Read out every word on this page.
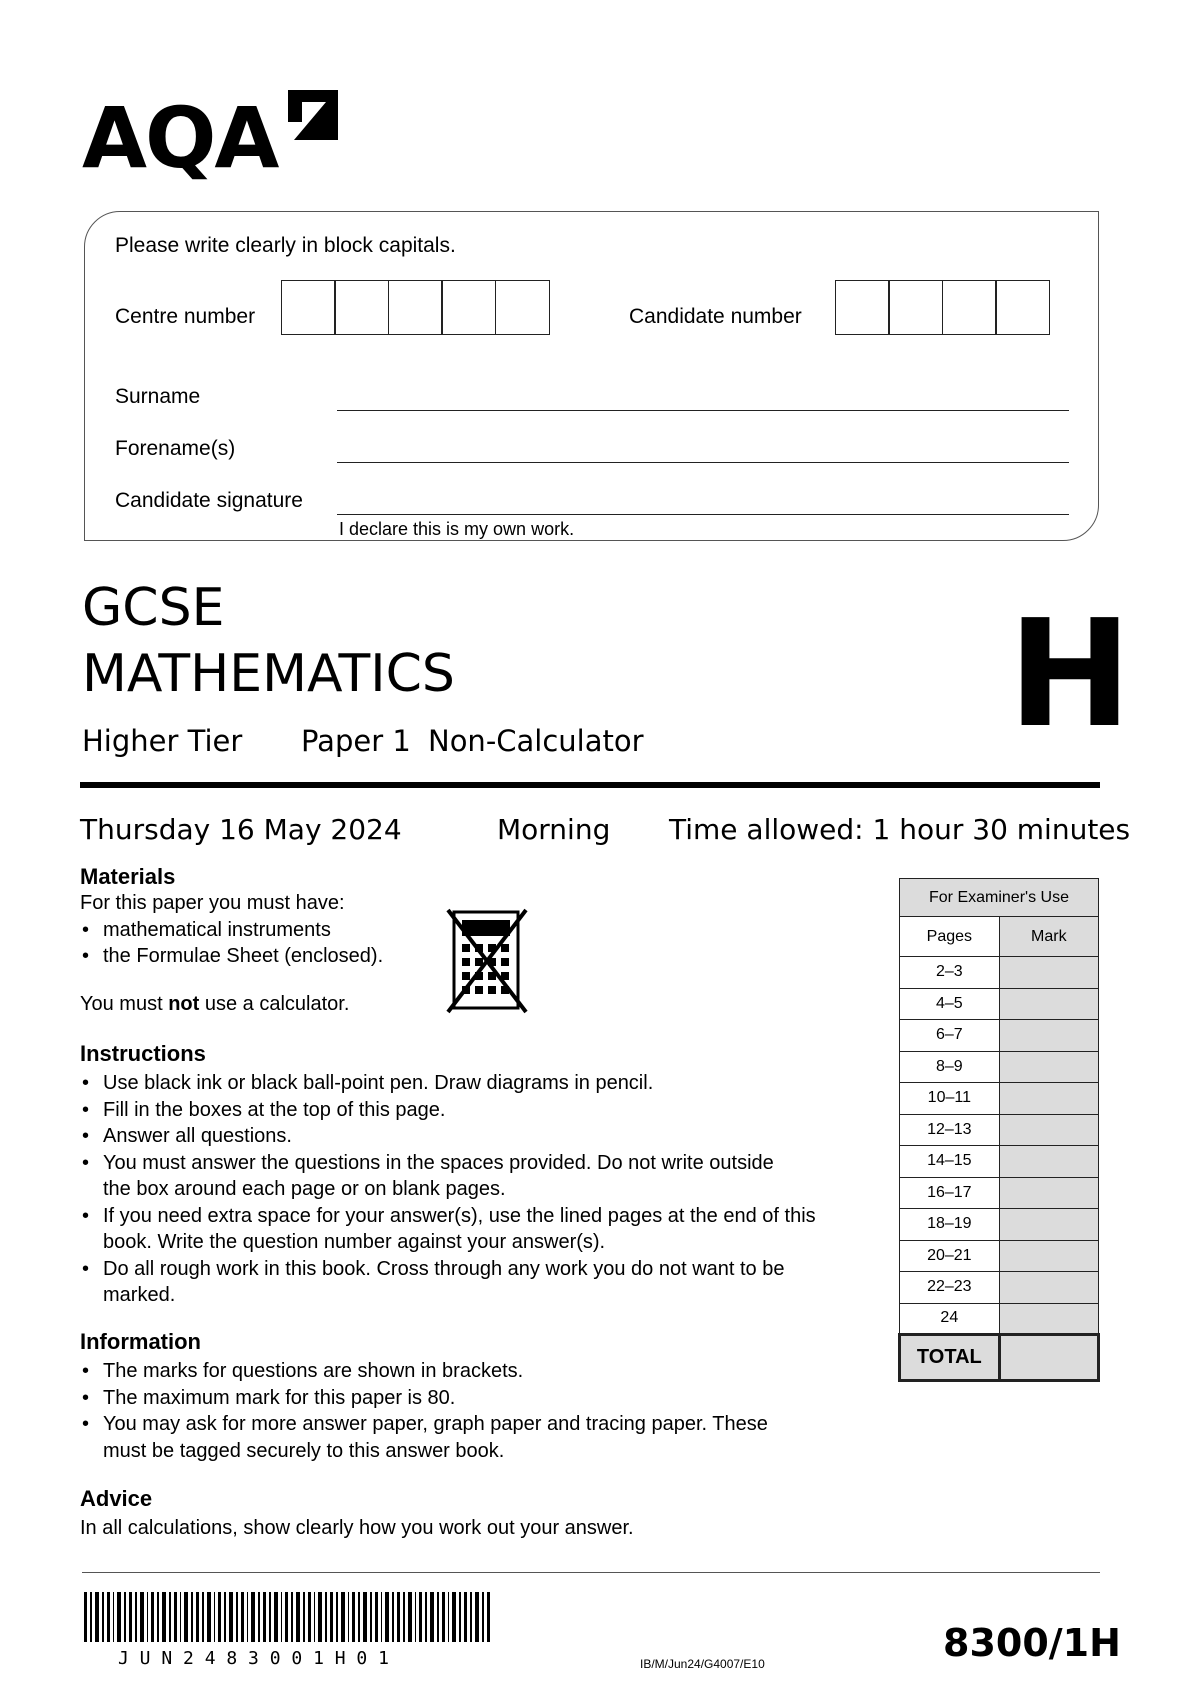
AQA
Please write clearly in block capitals.
Centre number	Candidate number
Surname
Forename(s)
Candidate signature
I declare this is my own work.
GCSE
MATHEMATICS
Higher Tier Paper 1 Non-Calculator H
Thursday 16 May 2024	Morning Time allowed: 1 hour 30 minutes
Materials
For this paper you must have:
• mathematical instruments
• the Formulae Sheet (enclosed).
You must not use a calculator.
Instructions
• Use black ink or black ball-point pen. Draw diagrams in pencil.
• Fill in the boxes at the top of this page.
• Answer all questions.
• You must answer the questions in the spaces provided. Do not write outside the box around each page or on blank pages.
• If you need extra space for your answer(s), use the lined pages at the end of this book. Write the question number against your answer(s).
• Do all rough work in this book. Cross through any work you do not want to be marked.
Information
• The marks for questions are shown in brackets.
• The maximum mark for this paper is 80.
• You may ask for more answer paper, graph paper and tracing paper. These must be tagged securely to this answer book.
Advice
In all calculations, show clearly how you work out your answer.
For Examiner's Use	
Pages	Mark
2–3	
4–5	
6–7	
8–9	
10–11	
12–13	
14–15	
16–17	
18–19	
20–21	
22–23	
24	
TOTAL	
J U N 2 4 8 3 0 0 1 H 0 1	IB/M/Jun24/G4007/E10	8300/1H
